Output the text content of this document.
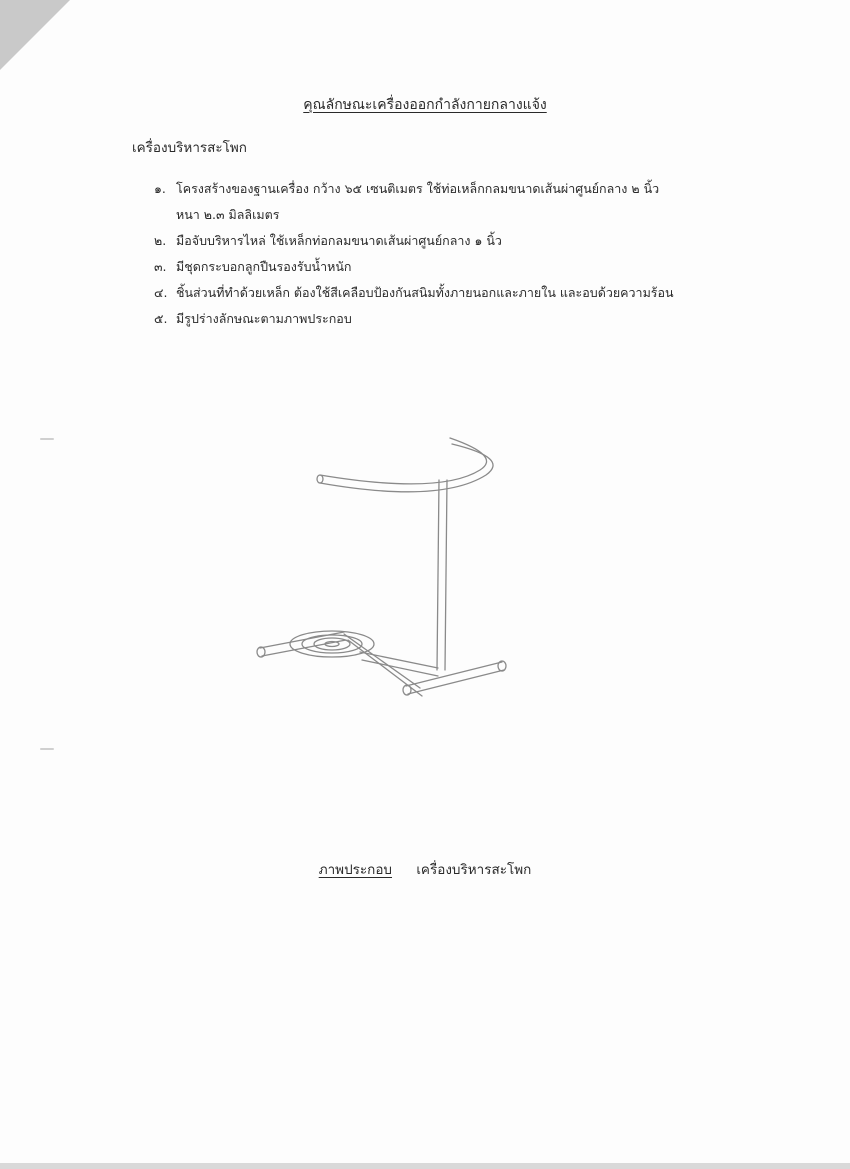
คุณลักษณะเครื่องออกกำลังกายกลางแจ้ง
เครื่องบริหารสะโพก
๑. โครงสร้างของฐานเครื่อง กว้าง ๖๕ เซนติเมตร ใช้ท่อเหล็กกลมขนาดเส้นผ่าศูนย์กลาง ๒ นิ้ว
หนา ๒.๓ มิลลิเมตร
๒. มือจับบริหารไหล่ ใช้เหล็กท่อกลมขนาดเส้นผ่าศูนย์กลาง ๑ นิ้ว
๓. มีชุดกระบอกลูกปืนรองรับน้ำหนัก
๔. ชิ้นส่วนที่ทำด้วยเหล็ก ต้องใช้สีเคลือบป้องกันสนิมทั้งภายนอกและภายใน และอบด้วยความร้อน
๕. มีรูปร่างลักษณะตามภาพประกอบ
ภาพประกอบ เครื่องบริหารสะโพก
